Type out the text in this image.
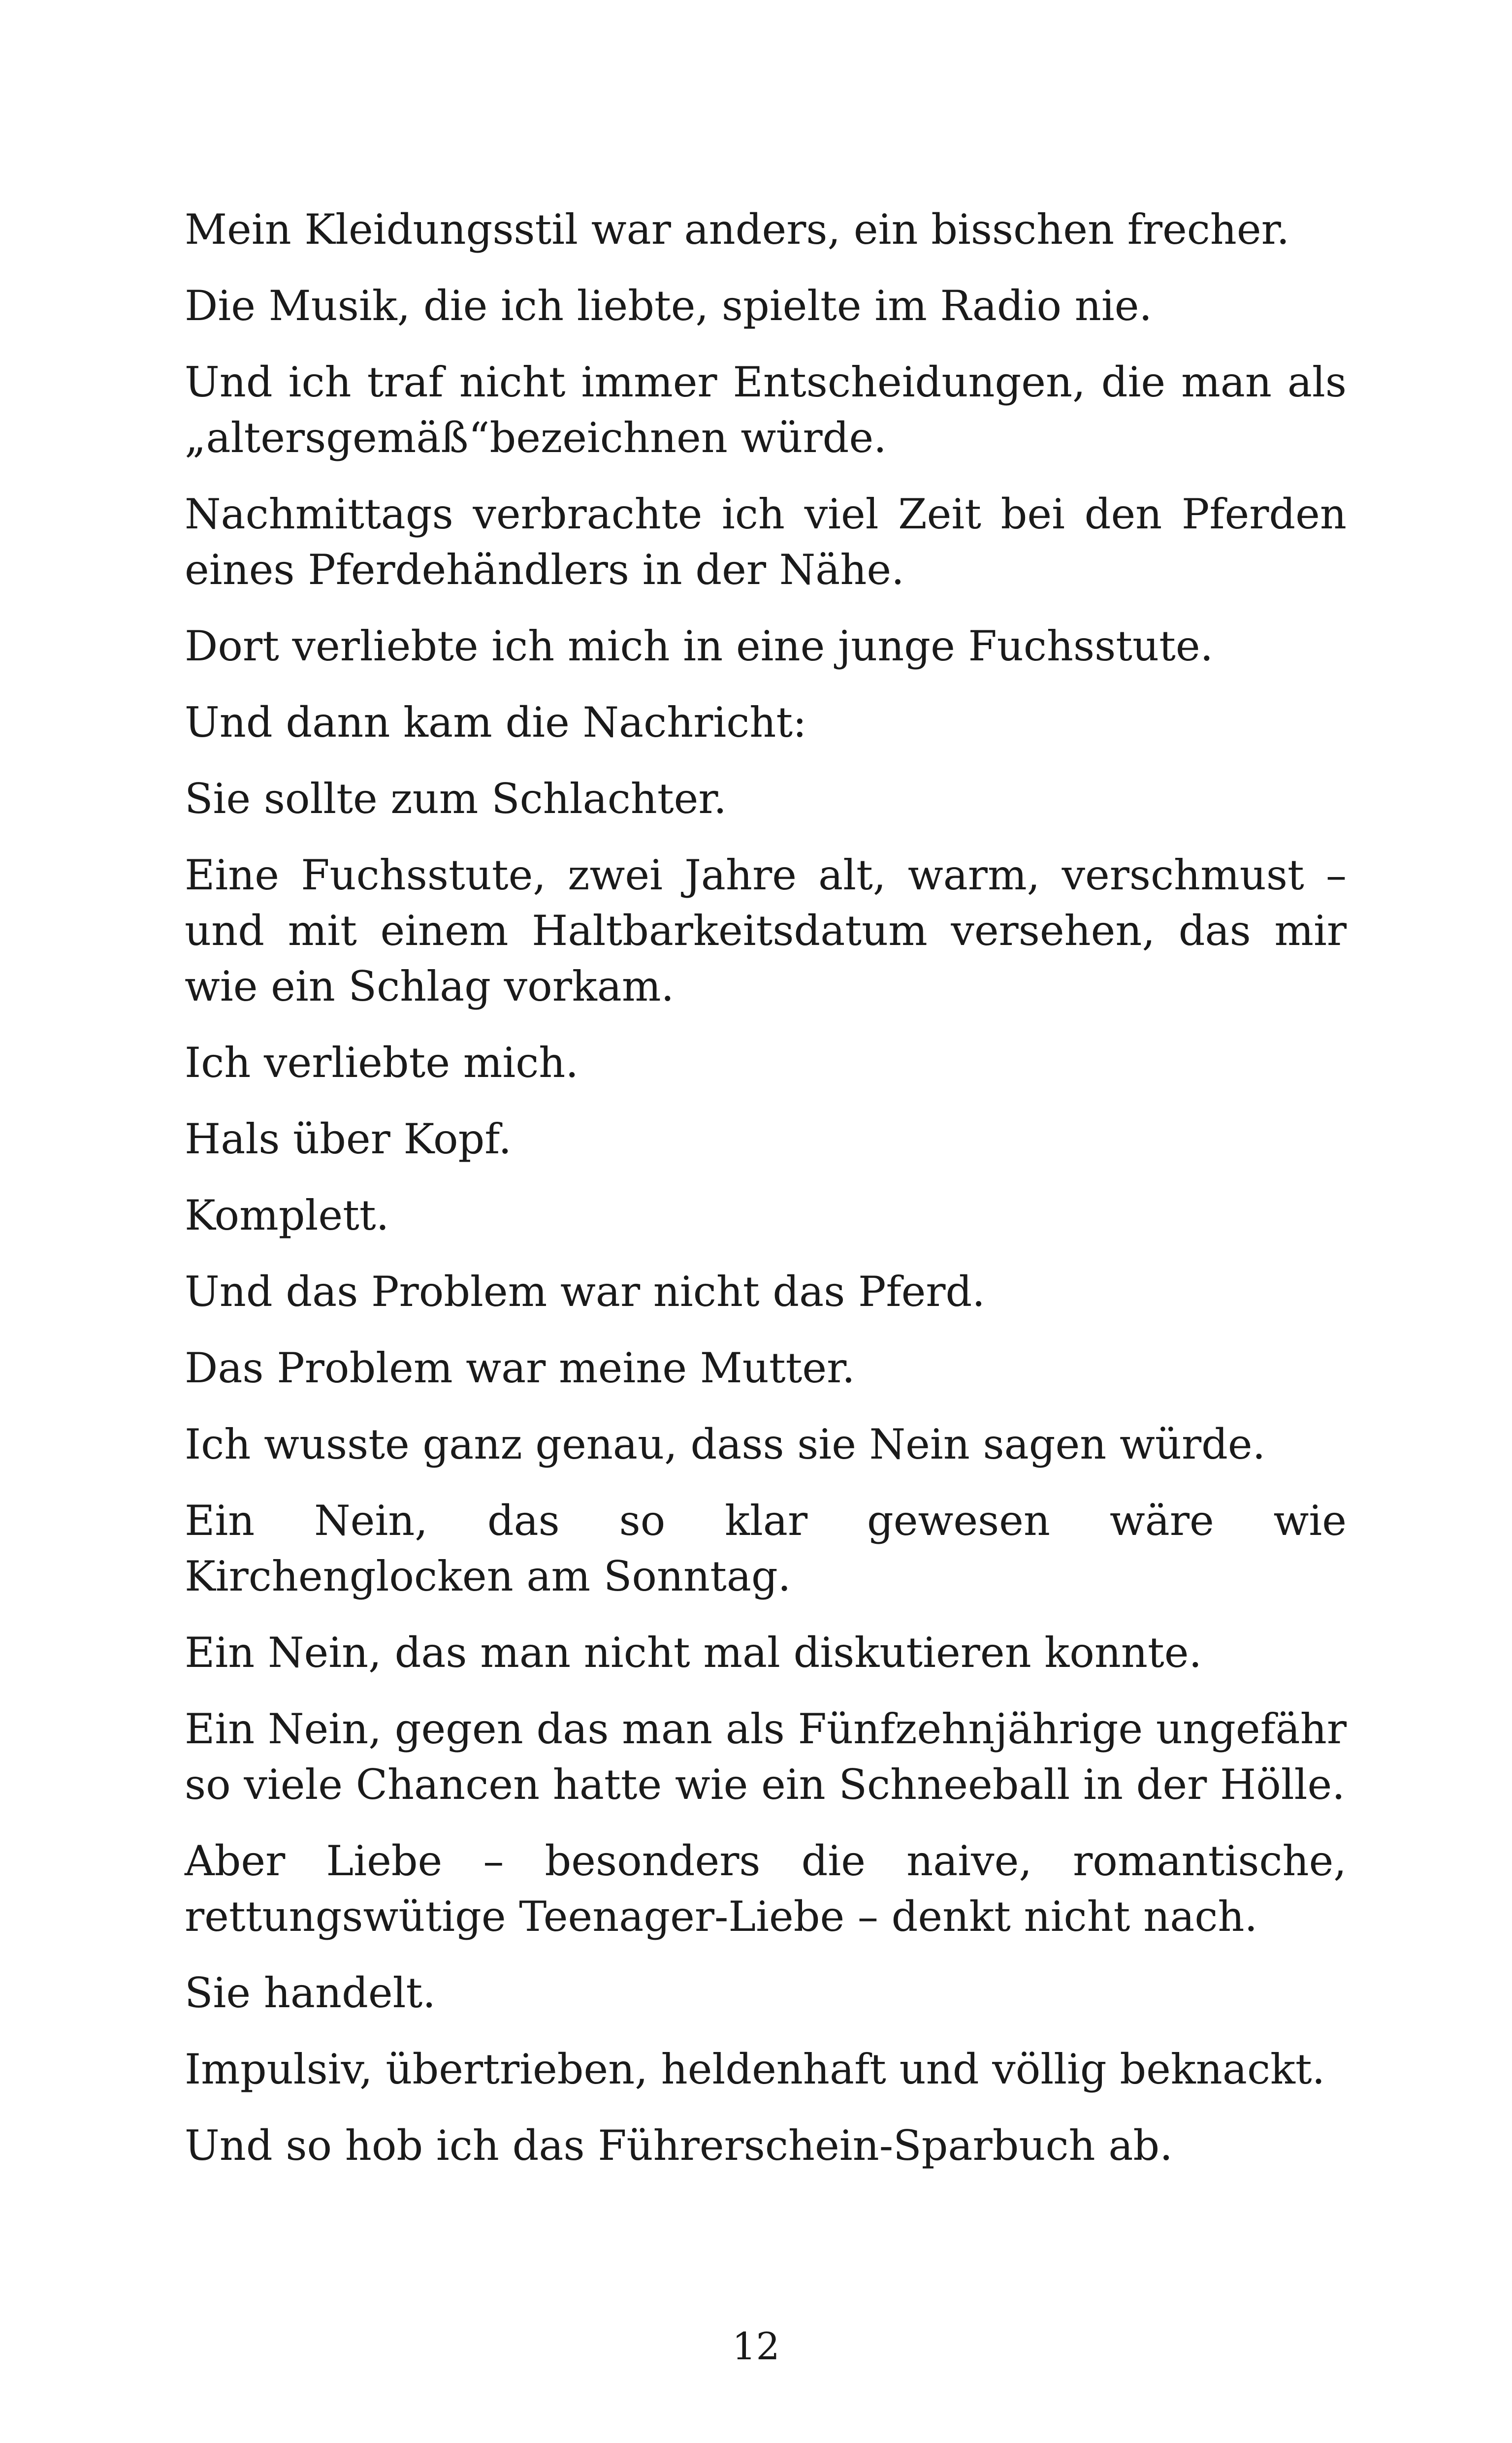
Mein Kleidungsstil war anders, ein bisschen frecher.

Die Musik, die ich liebte, spielte im Radio nie.

Und ich traf nicht immer Entscheidungen, die man als „altersgemäß“bezeichnen würde.

Nachmittags verbrachte ich viel Zeit bei den Pferden eines Pferdehändlers in der Nähe.

Dort verliebte ich mich in eine junge Fuchsstute.

Und dann kam die Nachricht:

Sie sollte zum Schlachter.

Eine Fuchsstute, zwei Jahre alt, warm, verschmust – und mit einem Haltbarkeitsdatum versehen, das mir wie ein Schlag vorkam.

Ich verliebte mich.

Hals über Kopf.

Komplett.

Und das Problem war nicht das Pferd.

Das Problem war meine Mutter.

Ich wusste ganz genau, dass sie Nein sagen würde.

Ein Nein, das so klar gewesen wäre wie Kirchenglocken am Sonntag.

Ein Nein, das man nicht mal diskutieren konnte.

Ein Nein, gegen das man als Fünfzehnjährige ungefähr so viele Chancen hatte wie ein Schneeball in der Hölle.

Aber Liebe – besonders die naive, romantische, rettungswütige Teenager-Liebe – denkt nicht nach.

Sie handelt.

Impulsiv, übertrieben, heldenhaft und völlig beknackt.

Und so hob ich das Führerschein-Sparbuch ab.

12
